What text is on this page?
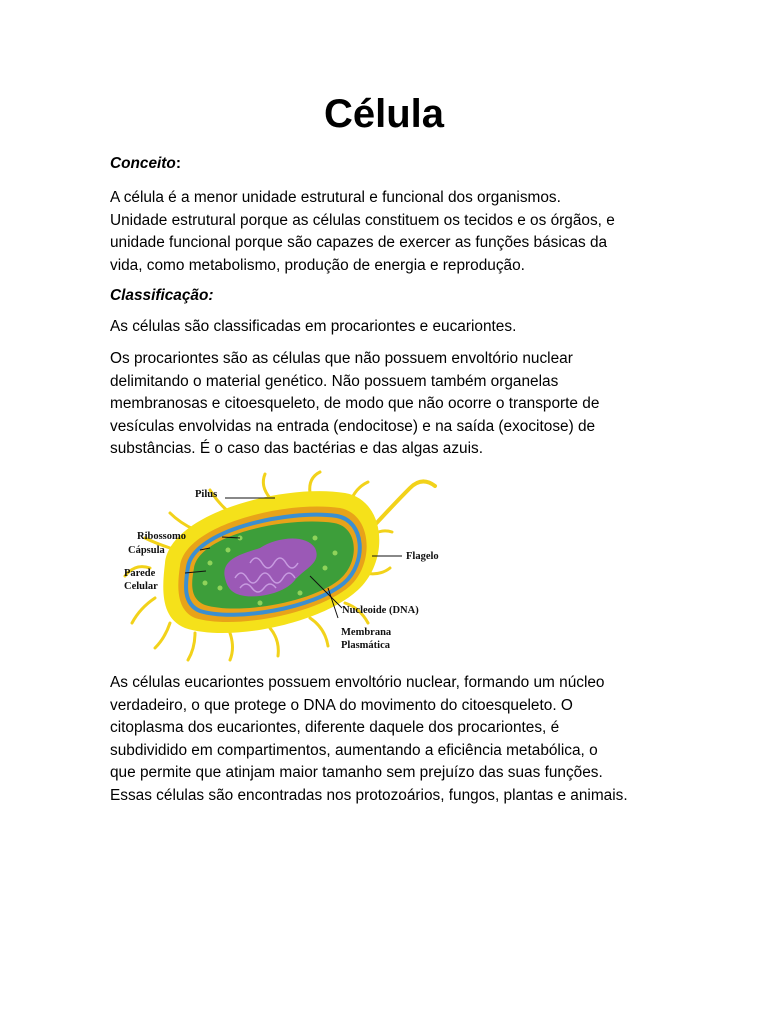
Célula

Conceito:

A célula é a menor unidade estrutural e funcional dos organismos.
Unidade estrutural porque as células constituem os tecidos e os órgãos, e
unidade funcional porque são capazes de exercer as funções básicas da
vida, como metabolismo, produção de energia e reprodução.

Classificação:

As células são classificadas em procariontes e eucariontes.

Os procariontes são as células que não possuem envoltório nuclear
delimitando o material genético. Não possuem também organelas
membranosas e citoesqueleto, de modo que não ocorre o transporte de
vesículas envolvidas na entrada (endocitose) e na saída (exocitose) de
substâncias. É o caso das bactérias e das algas azuis.

Pilus
Ribossomo
Cápsula
Parede
Celular
Flagelo
Nucleoide (DNA)
Membrana
Plasmática

As células eucariontes possuem envoltório nuclear, formando um núcleo
verdadeiro, o que protege o DNA do movimento do citoesqueleto. O
citoplasma dos eucariontes, diferente daquele dos procariontes, é
subdividido em compartimentos, aumentando a eficiência metabólica, o
que permite que atinjam maior tamanho sem prejuízo das suas funções.
Essas células são encontradas nos protozoários, fungos, plantas e animais.
